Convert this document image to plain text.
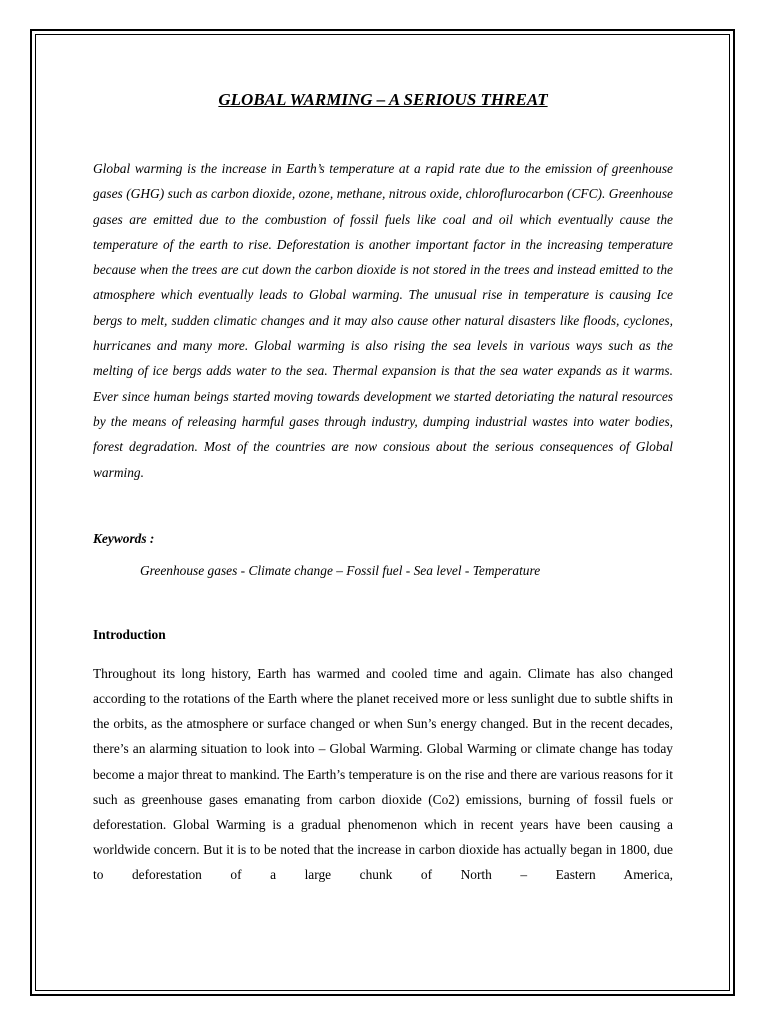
GLOBAL WARMING – A SERIOUS THREAT

Global warming is the increase in Earth’s temperature at a rapid rate due to the emission of greenhouse gases (GHG) such as carbon dioxide, ozone, methane, nitrous oxide, chloroflurocarbon (CFC). Greenhouse gases are emitted due to the combustion of fossil fuels like coal and oil which eventually cause the temperature of the earth to rise. Deforestation is another important factor in the increasing temperature because when the trees are cut down the carbon dioxide is not stored in the trees and instead emitted to the atmosphere which eventually leads to Global warming. The unusual rise in temperature is causing Ice bergs to melt, sudden climatic changes and it may also cause other natural disasters like floods, cyclones, hurricanes and many more. Global warming is also rising the sea levels in various ways such as the melting of ice bergs adds water to the sea. Thermal expansion is that the sea water expands as it warms. Ever since human beings started moving towards development we started detoriating the natural resources by the means of releasing harmful gases through industry, dumping industrial wastes into water bodies, forest degradation. Most of the countries are now consious about the serious consequences of Global warming.

Keywords :

Greenhouse gases - Climate change – Fossil fuel - Sea level - Temperature

Introduction

Throughout its long history, Earth has warmed and cooled time and again. Climate has also changed according to the rotations of the Earth where the planet received more or less sunlight due to subtle shifts in the orbits, as the atmosphere or surface changed or when Sun’s energy changed. But in the recent decades, there’s an alarming situation to look into – Global Warming. Global Warming or climate change has today become a major threat to mankind. The Earth’s temperature is on the rise and there are various reasons for it such as greenhouse gases emanating from carbon dioxide (Co2) emissions, burning of fossil fuels or deforestation. Global Warming is a gradual phenomenon which in recent years have been causing a worldwide concern. But it is to be noted that the increase in carbon dioxide has actually began in 1800, due to deforestation of a large chunk of North – Eastern America,
